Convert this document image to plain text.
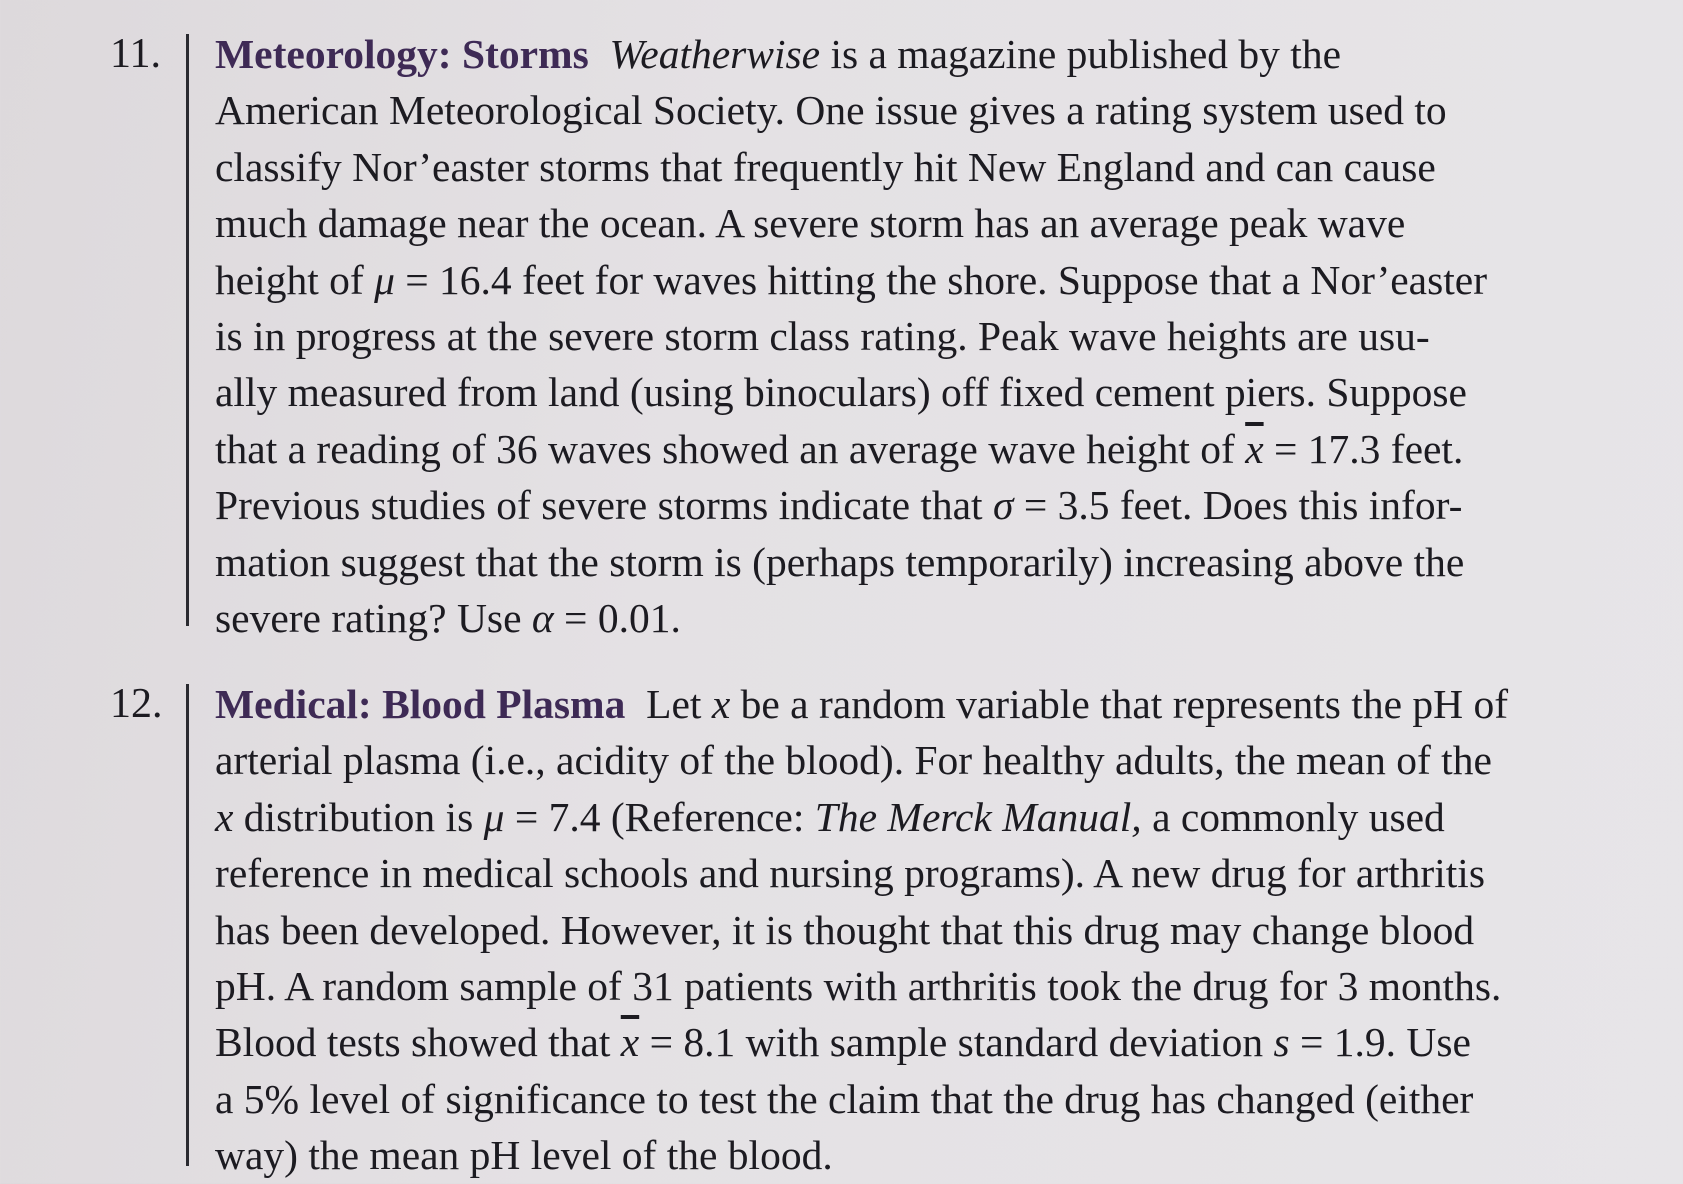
11. Meteorology: Storms Weatherwise is a magazine published by the
American Meteorological Society. One issue gives a rating system used to
classify Nor’easter storms that frequently hit New England and can cause
much damage near the ocean. A severe storm has an average peak wave
height of μ = 16.4 feet for waves hitting the shore. Suppose that a Nor’easter
is in progress at the severe storm class rating. Peak wave heights are usu-
ally measured from land (using binoculars) off fixed cement piers. Suppose
that a reading of 36 waves showed an average wave height of $\overline{x} = 17.3$ feet.
Previous studies of severe storms indicate that σ = 3.5 feet. Does this infor-
mation suggest that the storm is (perhaps temporarily) increasing above the
severe rating? Use α = 0.01.
12. Medical: Blood Plasma Let x be a random variable that represents the pH of
arterial plasma (i.e., acidity of the blood). For healthy adults, the mean of the
x distribution is μ = 7.4 (Reference: The Merck Manual, a commonly used
reference in medical schools and nursing programs). A new drug for arthritis
has been developed. However, it is thought that this drug may change blood
pH. A random sample of 31 patients with arthritis took the drug for 3 months.
Blood tests showed that $\overline{x} = 8.1$ with sample standard deviation s = 1.9. Use
a 5% level of significance to test the claim that the drug has changed (either
way) the mean pH level of the blood.
